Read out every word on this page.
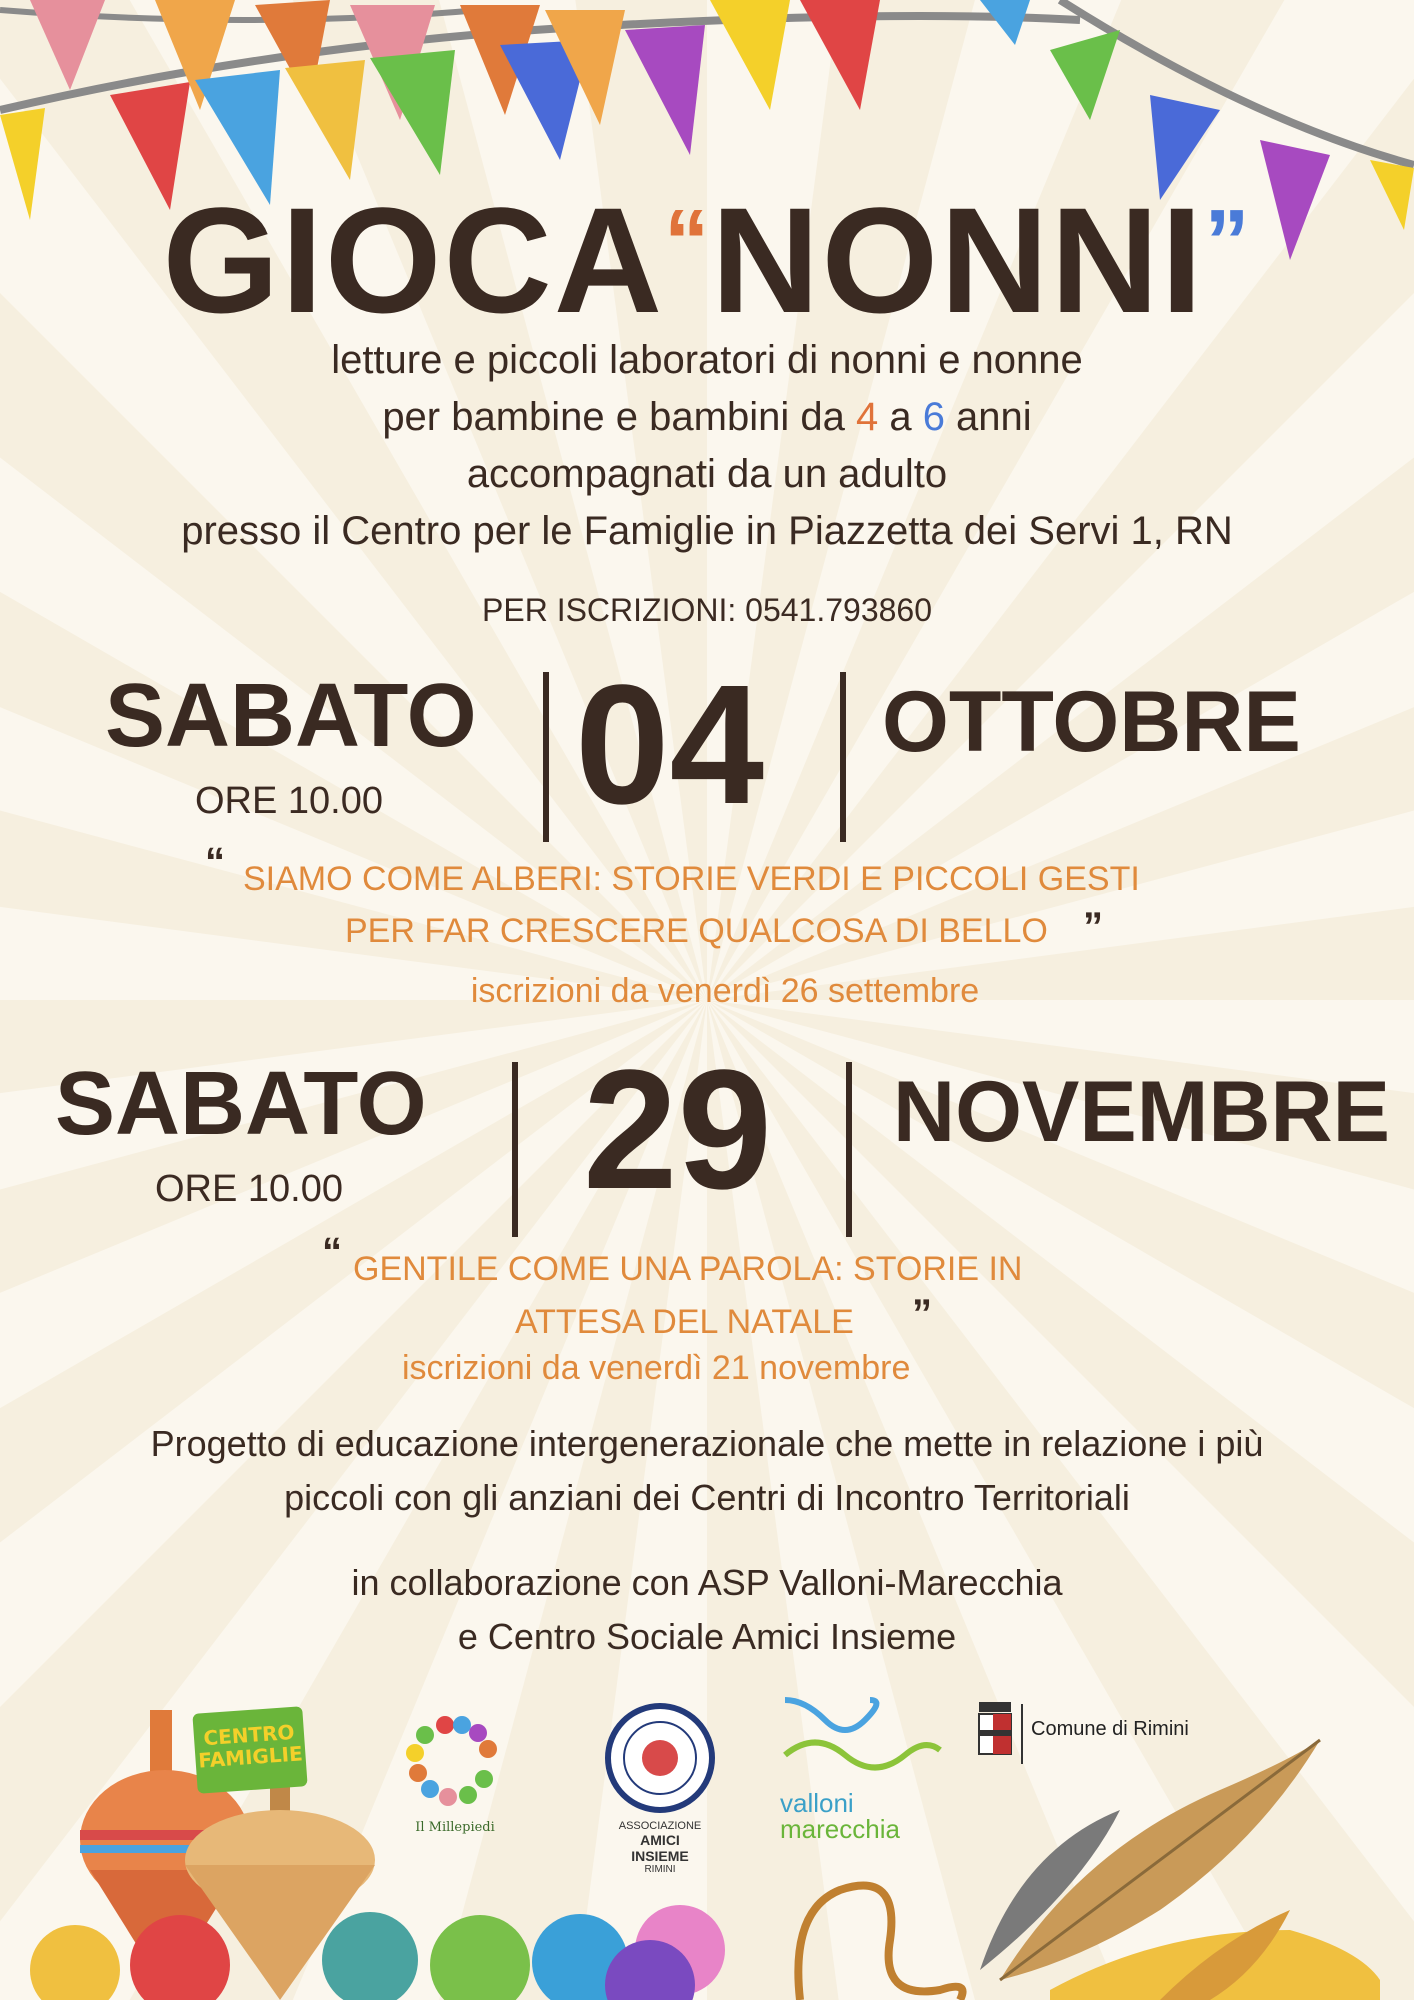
GIOCA“NONNI”
letture e piccoli laboratori di nonni e nonne
per bambine e bambini da 4 a 6 anni
accompagnati da un adulto
presso il Centro per le Famiglie in Piazzetta dei Servi 1, RN
PER ISCRIZIONI: 0541.793860
SABATO
ORE 10.00 04 OTTOBRE
“ SIAMO COME ALBERI: STORIE VERDI E PICCOLI GESTI
PER FAR CRESCERE QUALCOSA DI BELLO ”
iscrizioni da venerdì 26 settembre
SABATO
ORE 10.00 29 NOVEMBRE
“ GENTILE COME UNA PAROLA: STORIE IN
ATTESA DEL NATALE ”
iscrizioni da venerdì 21 novembre
Progetto di educazione intergenerazionale che mette in relazione i più
piccoli con gli anziani dei Centri di Incontro Territoriali
in collaborazione con ASP Valloni-Marecchia
e Centro Sociale Amici Insieme
CENTRO FAMIGLIE
Il Millepiedi	ASSOCIAZIONE
AMICI
INSIEME
RIMINI
valloni
marecchia
Comune di Rimini
